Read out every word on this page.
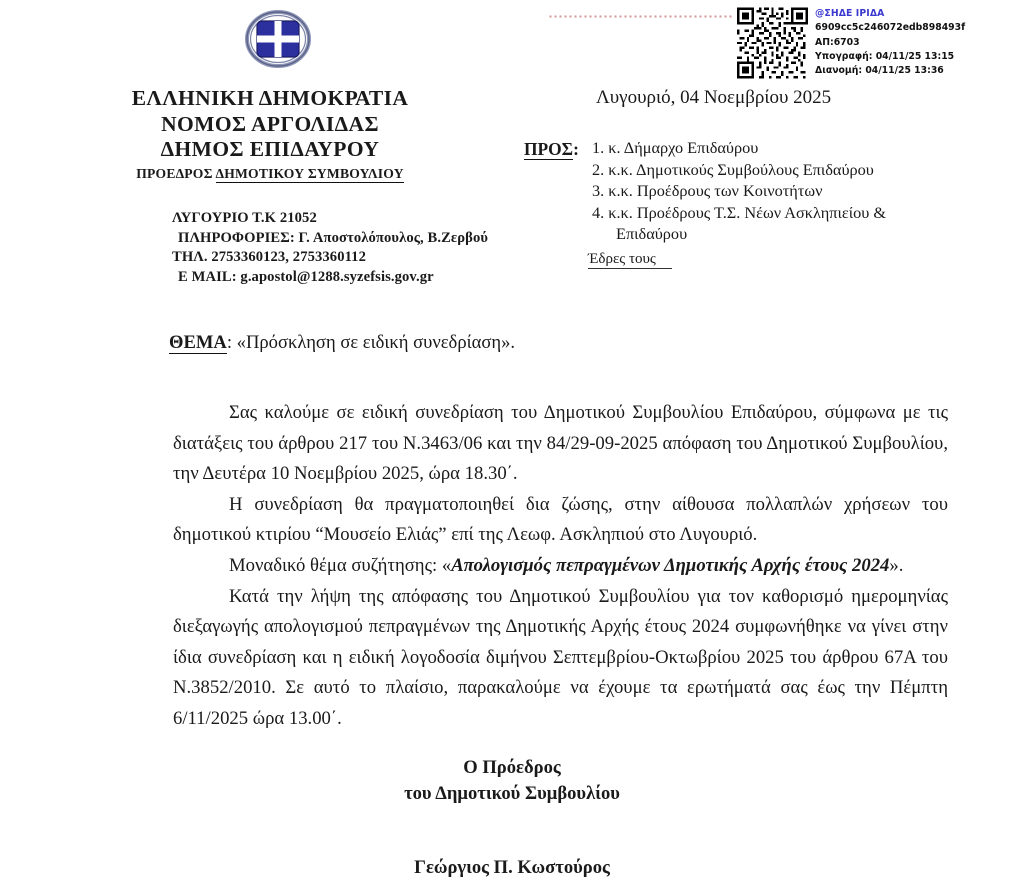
@ΣΗΔΕ ΙΡΙΔΑ
6909cc5c246072edb898493f
ΑΠ:6703
Υπογραφή: 04/11/25 13:15
Διανομή: 04/11/25 13:36
ΕΛΛΗΝΙΚΗ ΔΗΜΟΚΡΑΤΙΑ
ΝΟΜΟΣ ΑΡΓΟΛΙΔΑΣ
ΔΗΜΟΣ ΕΠΙΔΑΥΡΟΥ
ΠΡΟΕΔΡΟΣ ΔΗΜΟΤΙΚΟΥ ΣΥΜΒΟΥΛΙΟΥ
ΛΥΓΟΥΡΙΟ Τ.Κ 21052
ΠΛΗΡΟΦΟΡΙΕΣ: Γ. Αποστολόπουλος, Β.Ζερβού
ΤΗΛ. 2753360123, 2753360112
E MAIL: g.apostol@1288.syzefsis.gov.gr
Λυγουριό, 04 Νοεμβρίου 2025
ΠΡΟΣ: 1. κ. Δήμαρχο Επιδαύρου
2. κ.κ. Δημοτικούς Συμβούλους Επιδαύρου
3. κ.κ. Προέδρους των Κοινοτήτων
4. κ.κ. Προέδρους Τ.Σ. Νέων Ασκληπιείου &
Επιδαύρου
Έδρες τους
ΘΕΜΑ: «Πρόσκληση σε ειδική συνεδρίαση».

Σας καλούμε σε ειδική συνεδρίαση του Δημοτικού Συμβουλίου Επιδαύρου, σύμφωνα με τις διατάξεις του άρθρου 217 του Ν.3463/06 και την 84/29-09-2025 απόφαση του Δημοτικού Συμβουλίου, την Δευτέρα 10 Νοεμβρίου 2025, ώρα 18.30΄.

Η συνεδρίαση θα πραγματοποιηθεί δια ζώσης, στην αίθουσα πολλαπλών χρήσεων του δημοτικού κτιρίου “Μουσείο Ελιάς” επί της Λεωφ. Ασκληπιού στο Λυγουριό.

Μοναδικό θέμα συζήτησης: «Απολογισμός πεπραγμένων Δημοτικής Αρχής έτους 2024».

Κατά την λήψη της απόφασης του Δημοτικού Συμβουλίου για τον καθορισμό ημερομηνίας διεξαγωγής απολογισμού πεπραγμένων της Δημοτικής Αρχής έτους 2024 συμφωνήθηκε να γίνει στην ίδια συνεδρίαση και η ειδική λογοδοσία διμήνου Σεπτεμβρίου-Οκτωβρίου 2025 του άρθρου 67Α του Ν.3852/2010. Σε αυτό το πλαίσιο, παρακαλούμε να έχουμε τα ερωτήματά σας έως την Πέμπτη 6/11/2025 ώρα 13.00΄.

Ο Πρόεδρος
του Δημοτικού Συμβουλίου
Γεώργιος Π. Κωστούρος
